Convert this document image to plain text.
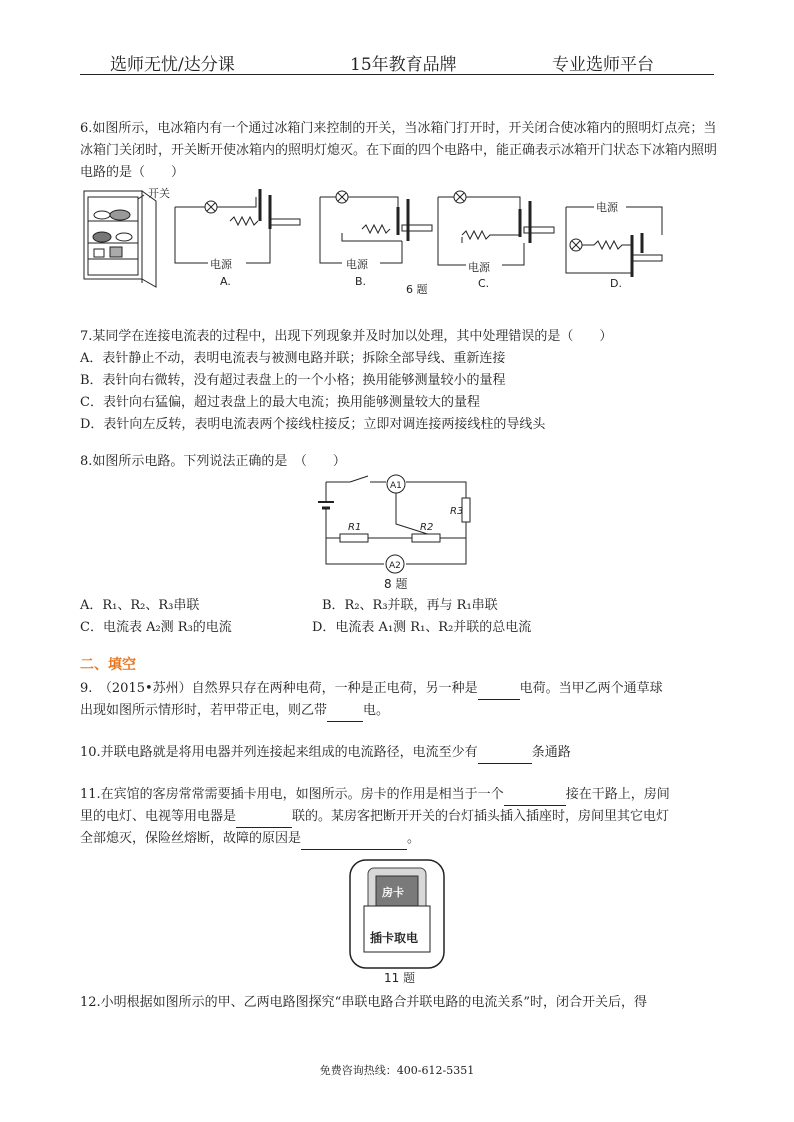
选师无忧/达分课	15年教育品牌	专业选师平台

6.如图所示，电冰箱内有一个通过冰箱门来控制的开关，当冰箱门打开时，开关闭合使冰箱内的照明灯点亮；当冰箱门关闭时，开关断开使冰箱内的照明灯熄灭。在下面的四个电路中，能正确表示冰箱开门状态下冰箱内照明电路的是（　　）

开关
电源
A.
电源
B.
6 题
电源
C.
电源
D.

7.某同学在连接电流表的过程中，出现下列现象并及时加以处理，其中处理错误的是（　　）

A．表针静止不动，表明电流表与被测电路并联；拆除全部导线、重新连接

B．表针向右微转，没有超过表盘上的一个小格；换用能够测量较小的量程

C．表针向右猛偏，超过表盘上的最大电流；换用能够测量较大的量程

D．表针向左反转，表明电流表两个接线柱接反；立即对调连接两接线柱的导线头

8.如图所示电路。下列说法正确的是　（　　）

A1
R1	R2
R3
A2
8 题
A．R₁、R₂、R₃串联	B．R₂、R₃并联，再与 R₁串联
C．电流表 A₂测 R₃的电流	D．电流表 A₁测 R₁、R₂并联的总电流
二、填空

9.　（2015•苏州）自然界只存在两种电荷，一种是正电荷，另一种是	电荷。当甲乙两个通草球

出现如图所示情形时，若甲带正电，则乙带	电。

10.并联电路就是将用电器并列连接起来组成的电流路径，电流至少有	条通路

11.在宾馆的客房常常需要插卡用电，如图所示。房卡的作用是相当于一个	接在干路上，房间

里的电灯、电视等用电器是	联的。某房客把断开开关的台灯插头插入插座时，房间里其它电灯

全部熄灭，保险丝熔断，故障的原因是	。

房卡
插卡取电
11 题

12.小明根据如图所示的甲、乙两电路图探究“串联电路合并联电路的电流关系”时，闭合开关后，得

免费咨询热线：400-612-5351
